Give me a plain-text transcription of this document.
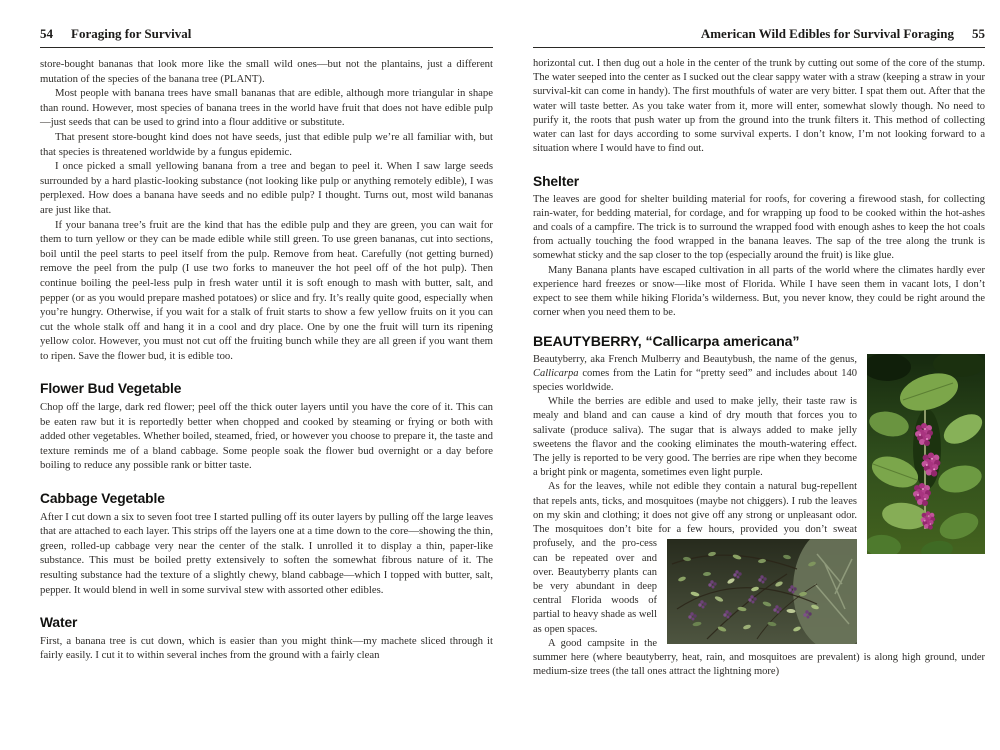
54 Foraging for Survival
store-bought bananas that look more like the small wild ones—but not the plantains, just a different mutation of the species of the banana tree (PLANT).
Most people with banana trees have small bananas that are edible, although more triangular in shape than round. However, most species of banana trees in the world have fruit that does not have edible pulp—just seeds that can be used to grind into a flour additive or substitute.
That present store-bought kind does not have seeds, just that edible pulp we’re all familiar with, but that species is threatened worldwide by a fungus epidemic.
I once picked a small yellowing banana from a tree and began to peel it. When I saw large seeds surrounded by a hard plastic-looking substance (not looking like pulp or anything remotely edible), I was perplexed. How does a banana have seeds and no edible pulp? I thought. Turns out, most wild bananas are just like that.
If your banana tree’s fruit are the kind that has the edible pulp and they are green, you can wait for them to turn yellow or they can be made edible while still green. To use green bananas, cut into sections, boil until the peel starts to peel itself from the pulp. Remove from heat. Carefully (not getting burned) remove the peel from the pulp (I use two forks to maneuver the hot peel off of the hot pulp). Then continue boiling the peel-less pulp in fresh water until it is soft enough to mash with butter, salt, and pepper (or as you would prepare mashed potatoes) or slice and fry. It’s really quite good, especially when you’re hungry. Otherwise, if you wait for a stalk of fruit starts to show a few yellow fruits on it you can cut the whole stalk off and hang it in a cool and dry place. One by one the fruit will turn its ripening yellow color. However, you must not cut off the fruiting bunch while they are all green if you want them to ripen. Save the flower bud, it is edible too.
Flower Bud Vegetable
Chop off the large, dark red flower; peel off the thick outer layers until you have the core of it. This can be eaten raw but it is reportedly better when chopped and cooked by steaming or frying or both with added other vegetables. Whether boiled, steamed, fried, or however you choose to prepare it, the taste and texture reminds me of a bland cabbage. Some people soak the flower bud overnight or a day before boiling to reduce any possible rank or bitter taste.
Cabbage Vegetable
After I cut down a six to seven foot tree I started pulling off its outer layers by pulling off the large leaves that are attached to each layer. This strips off the layers one at a time down to the core—showing the thin, green, rolled-up cabbage very near the center of the stalk. I unrolled it to display a thin, paper-like substance. This must be boiled pretty extensively to soften the somewhat fibrous nature of it. The resulting substance had the texture of a slightly chewy, bland cabbage—which I topped with butter, salt, pepper. It would blend in well in some survival stew with assorted other edibles.
Water
First, a banana tree is cut down, which is easier than you might think—my machete sliced through it fairly easily. I cut it to within several inches from the ground with a fairly clean
American Wild Edibles for Survival Foraging 55
horizontal cut. I then dug out a hole in the center of the trunk by cutting out some of the core of the stump. The water seeped into the center as I sucked out the clear sappy water with a straw (keeping a straw in your survival-kit can come in handy). The first mouthfuls of water are very bitter. I spat them out. After that the water will taste better. As you take water from it, more will enter, somewhat slowly though. No need to purify it, the roots that push water up from the ground into the trunk filters it. This method of collecting water can last for days according to some survival experts. I don’t know, I’m not looking forward to a situation where I would have to find out.
Shelter
The leaves are good for shelter building material for roofs, for covering a firewood stash, for collecting rain-water, for bedding material, for cordage, and for wrapping up food to be cooked within the hot-ashes and coals of a campfire. The trick is to surround the wrapped food with enough ashes to keep the hot coals from actually touching the food wrapped in the banana leaves. The sap of the tree along the trunk is somewhat sticky and the sap closer to the top (especially around the fruit) is like glue.
Many Banana plants have escaped cultivation in all parts of the world where the climates hardly ever experience hard freezes or snow—like most of Florida. While I have seen them in vacant lots, I don’t expect to see them while hiking Florida’s wilderness. But, you never know, they could be right around the corner when you need them to be.
BEAUTYBERRY, “Callicarpa americana”
Beautyberry, aka French Mulberry and Beautybush, the name of the genus, Callicarpa comes from the Latin for “pretty seed” and includes about 140 species worldwide.
While the berries are edible and used to make jelly, their taste raw is mealy and bland and can cause a kind of dry mouth that forces you to salivate (produce saliva). The sugar that is always added to make jelly sweetens the flavor and the cooking eliminates the mouth-watering effect. The jelly is reported to be very good. The berries are ripe when they become a bright pink or magenta, sometimes even light purple.
As for the leaves, while not edible they contain a natural bug-repellent that repels ants, ticks, and mosquitoes (maybe not chiggers). I rub the leaves on my skin and clothing; it does not give off any strong or unpleasant odor. The mosquitoes don’t bite for a few hours, provided you don’t sweat profusely, and the pro-
cess can be repeated over and over. Beautyberry plants can be very abundant in deep central Florida woods of partial to heavy shade as well as open spaces.
A good campsite in the summer here (where beautyberry, heat, rain, and mosquitoes are prevalent) is along high ground, under medium-size trees (the tall ones attract the lightning more)
